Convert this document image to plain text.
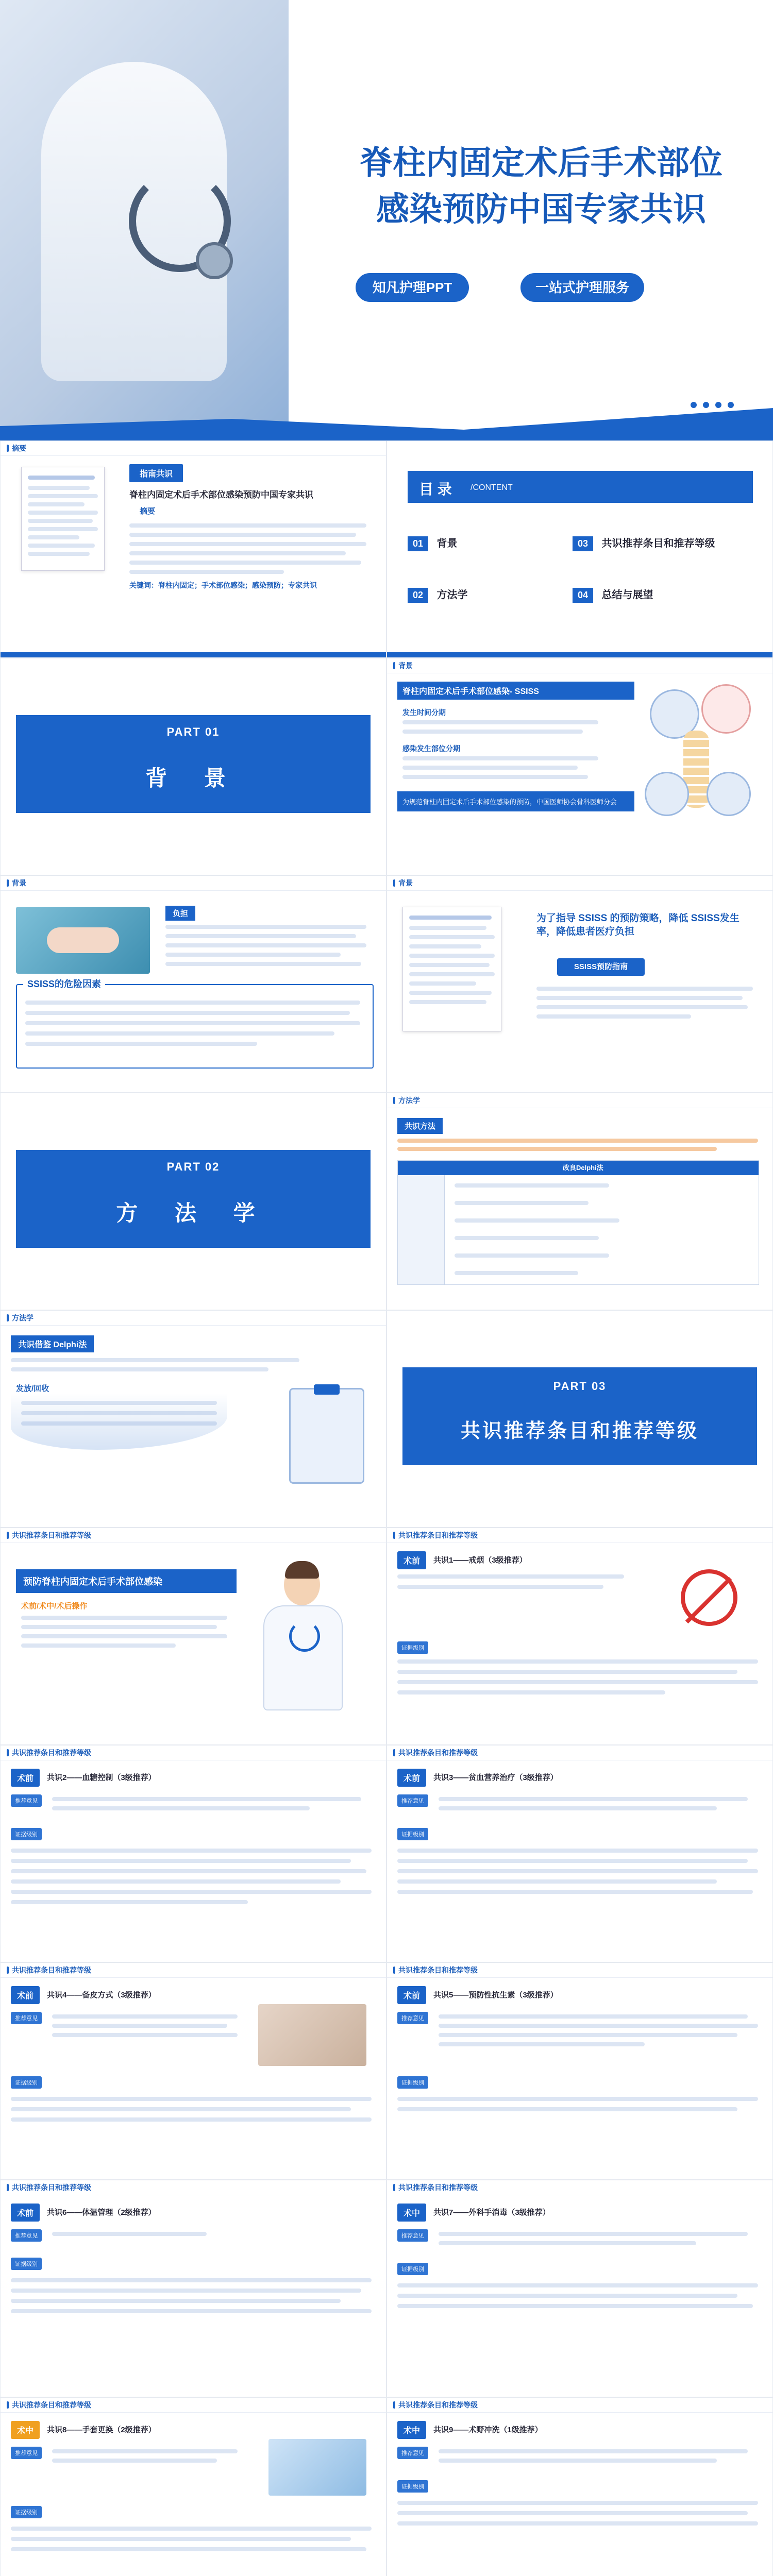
脊柱内固定术后手术部位
感染预防中国专家共识
知凡护理PPT	一站式护理服务
摘要
指南共识
脊柱内固定术后手术部位感染预防中国专家共识
摘要
关键词：脊柱内固定；手术部位感染；感染预防；专家共识
目 录 /CONTENT
01 背景	03 共识推荐条目和推荐等级
02 方法学	04 总结与展望
PART 01
背 景
背景
脊柱内固定术后手术部位感染- SSISS
发生时间分期
感染发生部位分期
为规范脊柱内固定术后手术部位感染的预防，中国医师协会骨科医师分会
背景
负担
SSISS的危险因素
背景
为了指导 SSISS 的预防策略，降低 SSISS发生率，降低患者医疗负担
SSISS预防指南
PART 02
方 法 学
方法学
共识方法
改良Delphi法
方法学
共识借鉴 Delphi法
发放/回收	PART 03
共识推荐条目和推荐等级
共识推荐条目和推荐等级
预防脊柱内固定术后手术部位感染
术前/术中/术后操作
共识推荐条目和推荐等级
术前	共识1——戒烟（3级推荐）
证据级别
共识推荐条目和推荐等级
术前	共识2——血糖控制（3级推荐）
推荐意见
证据级别
共识推荐条目和推荐等级
术前	共识3——贫血营养治疗（3级推荐）
推荐意见
证据级别
共识推荐条目和推荐等级
术前	共识4——备皮方式（3级推荐）
推荐意见
证据级别
共识推荐条目和推荐等级
术前	共识5——预防性抗生素（3级推荐）
推荐意见
证据级别
共识推荐条目和推荐等级
术前	共识6——体温管理（2级推荐）
推荐意见
证据级别
共识推荐条目和推荐等级
术中	共识7——外科手消毒（3级推荐）
推荐意见
证据级别
共识推荐条目和推荐等级
术中	共识8——手套更换（2级推荐）
推荐意见
证据级别
共识推荐条目和推荐等级
术中	共识9——术野冲洗（1级推荐）
推荐意见
证据级别
